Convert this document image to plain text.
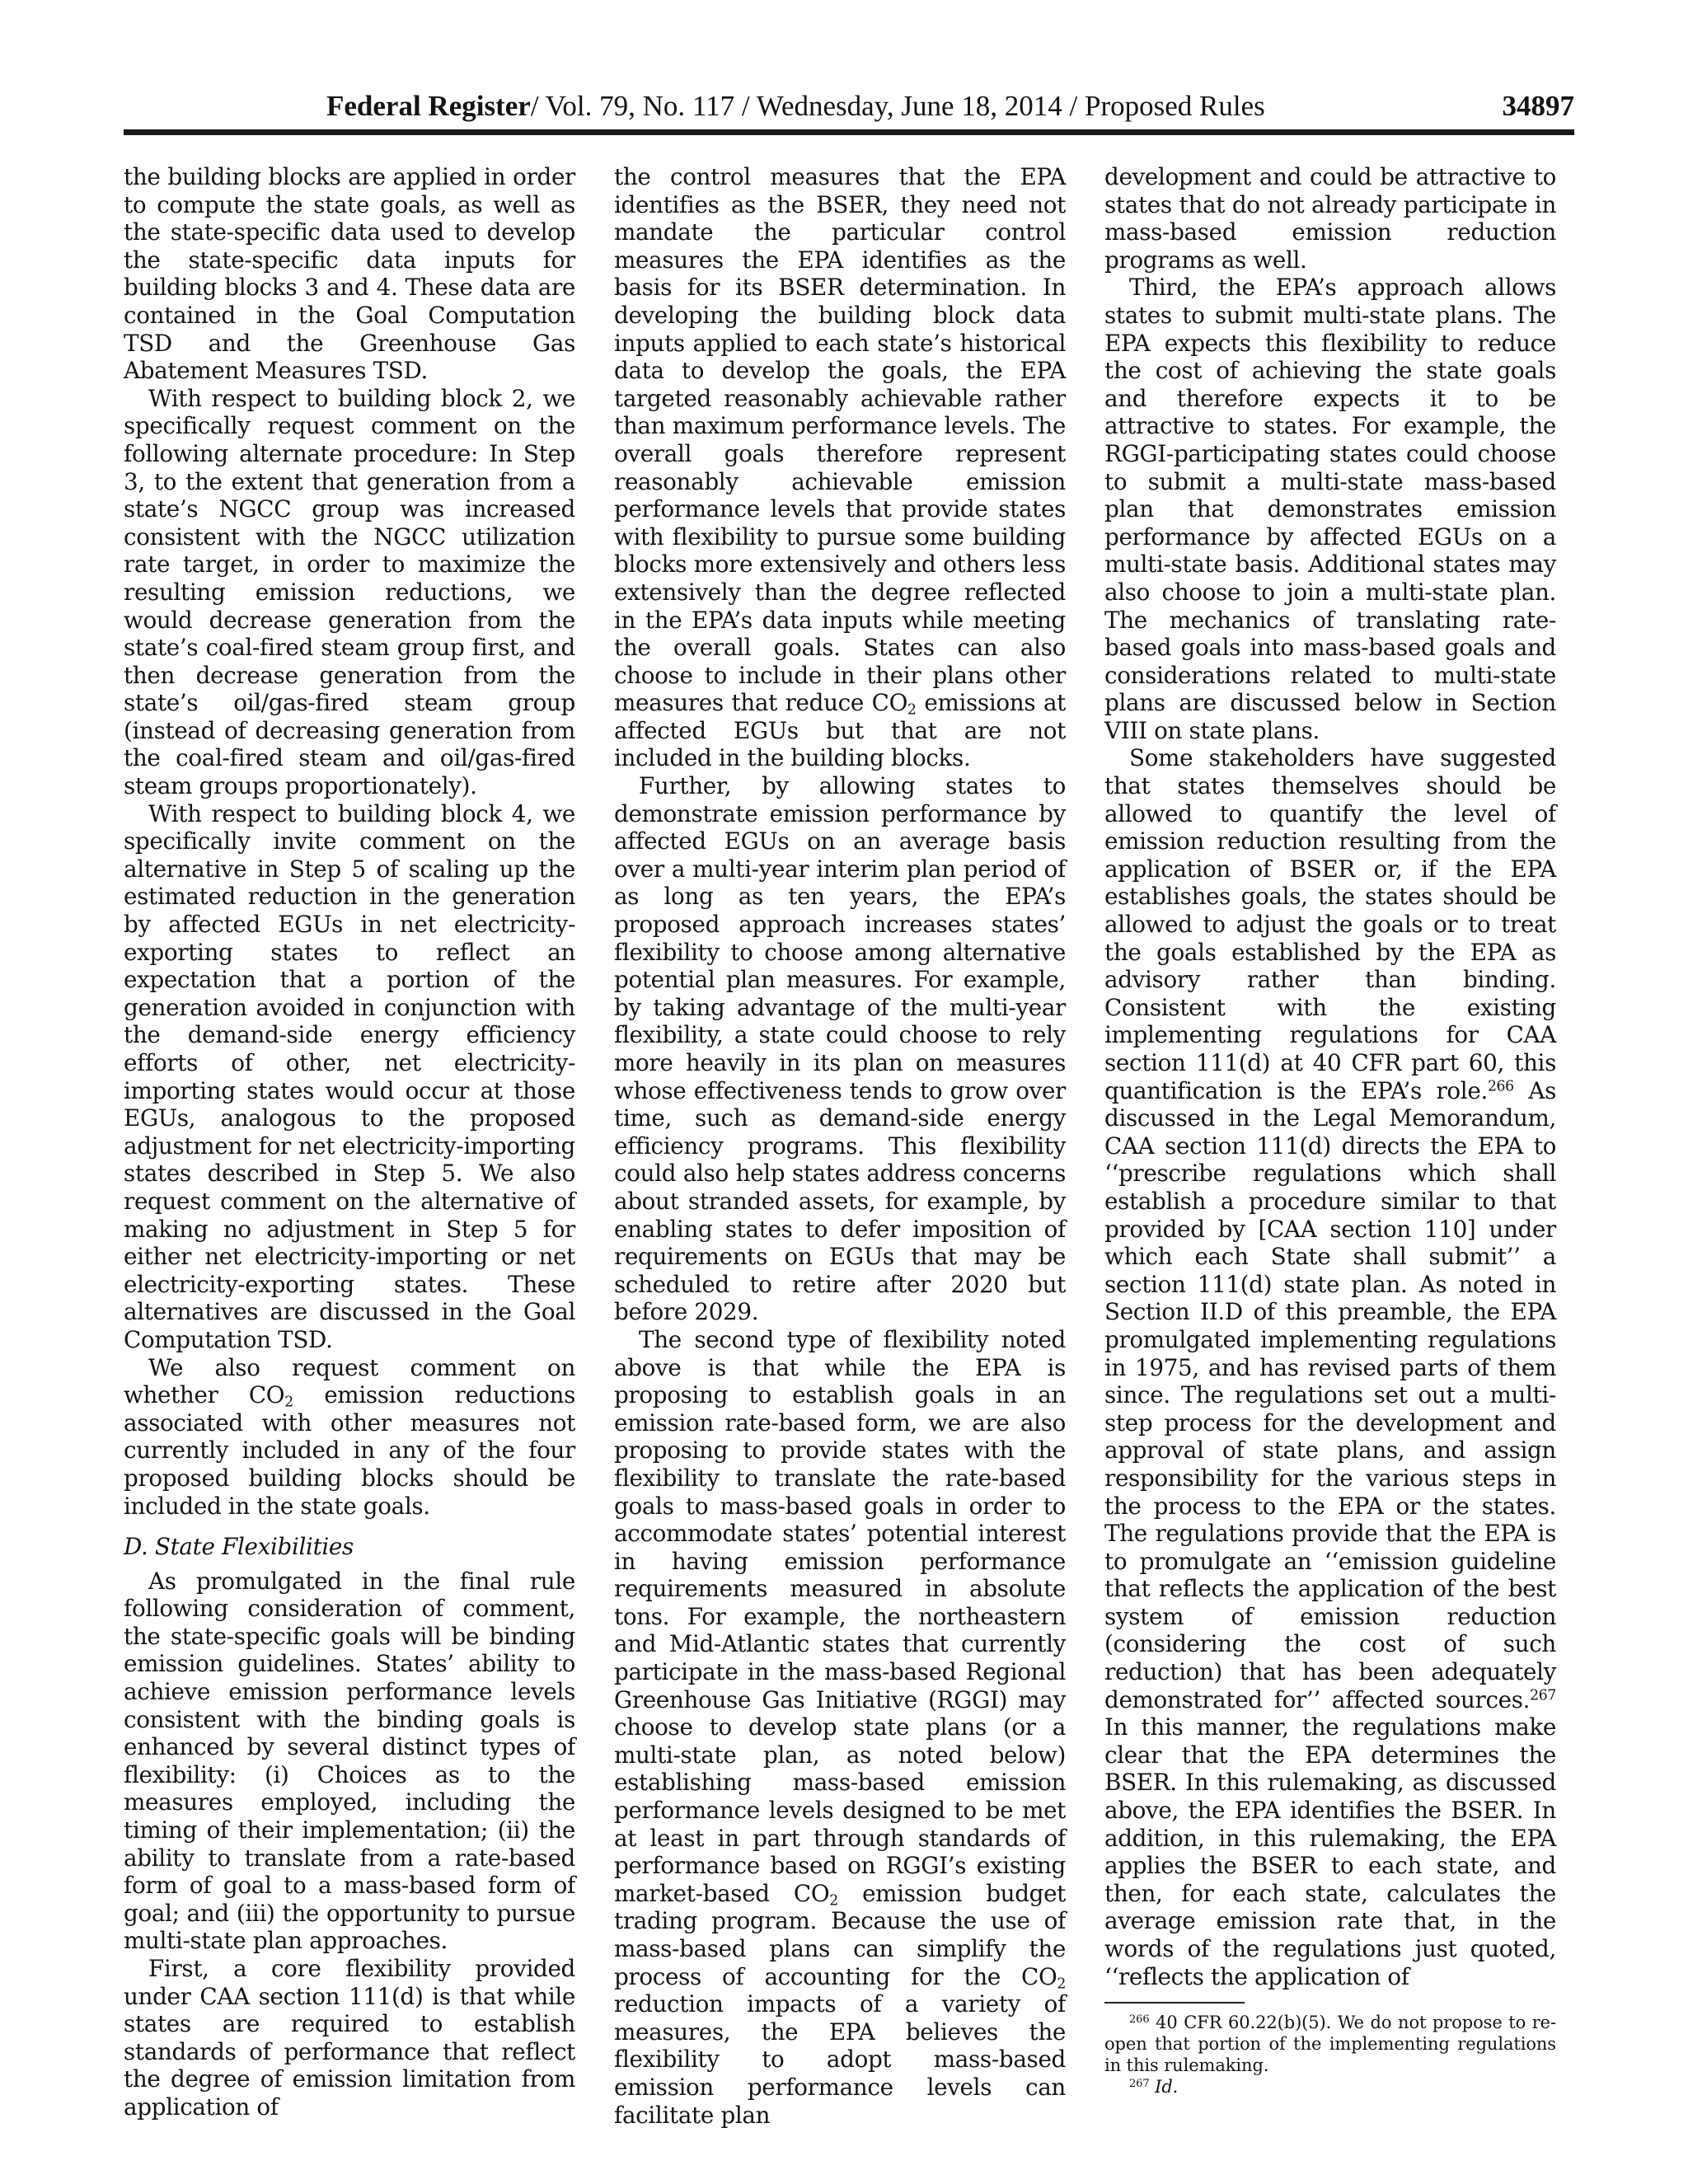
Federal Register/ Vol. 79, No. 117 / Wednesday, June 18, 2014 / Proposed Rules	34897

the building blocks are applied in order to compute the state goals, as well as the state-specific data used to develop the state-specific data inputs for building blocks 3 and 4. These data are contained in the Goal Computation TSD and the Greenhouse Gas Abatement Measures TSD.

With respect to building block 2, we specifically request comment on the following alternate procedure: In Step 3, to the extent that generation from a state’s NGCC group was increased consistent with the NGCC utilization rate target, in order to maximize the resulting emission reductions, we would decrease generation from the state’s coal-fired steam group first, and then decrease generation from the state’s oil/gas-fired steam group (instead of decreasing generation from the coal-fired steam and oil/gas-fired steam groups proportionately).

With respect to building block 4, we specifically invite comment on the alternative in Step 5 of scaling up the estimated reduction in the generation by affected EGUs in net electricity-exporting states to reflect an expectation that a portion of the generation avoided in conjunction with the demand-side energy efficiency efforts of other, net electricity-importing states would occur at those EGUs, analogous to the proposed adjustment for net electricity-importing states described in Step 5. We also request comment on the alternative of making no adjustment in Step 5 for either net electricity-importing or net electricity-exporting states. These alternatives are discussed in the Goal Computation TSD.

We also request comment on whether $CO_2$ emission reductions associated with other measures not currently included in any of the four proposed building blocks should be included in the state goals.

D. State Flexibilities

As promulgated in the final rule following consideration of comment, the state-specific goals will be binding emission guidelines. States’ ability to achieve emission performance levels consistent with the binding goals is enhanced by several distinct types of flexibility: (i) Choices as to the measures employed, including the timing of their implementation; (ii) the ability to translate from a rate-based form of goal to a mass-based form of goal; and (iii) the opportunity to pursue multi-state plan approaches.

First, a core flexibility provided under CAA section 111(d) is that while states are required to establish standards of performance that reflect the degree of emission limitation from application of

the control measures that the EPA identifies as the BSER, they need not mandate the particular control measures the EPA identifies as the basis for its BSER determination. In developing the building block data inputs applied to each state’s historical data to develop the goals, the EPA targeted reasonably achievable rather than maximum performance levels. The overall goals therefore represent reasonably achievable emission performance levels that provide states with flexibility to pursue some building blocks more extensively and others less extensively than the degree reflected in the EPA’s data inputs while meeting the overall goals. States can also choose to include in their plans other measures that reduce $CO_2$ emissions at affected EGUs but that are not included in the building blocks.

Further, by allowing states to demonstrate emission performance by affected EGUs on an average basis over a multi-year interim plan period of as long as ten years, the EPA’s proposed approach increases states’ flexibility to choose among alternative potential plan measures. For example, by taking advantage of the multi-year flexibility, a state could choose to rely more heavily in its plan on measures whose effectiveness tends to grow over time, such as demand-side energy efficiency programs. This flexibility could also help states address concerns about stranded assets, for example, by enabling states to defer imposition of requirements on EGUs that may be scheduled to retire after 2020 but before 2029.

The second type of flexibility noted above is that while the EPA is proposing to establish goals in an emission rate-based form, we are also proposing to provide states with the flexibility to translate the rate-based goals to mass-based goals in order to accommodate states’ potential interest in having emission performance requirements measured in absolute tons. For example, the northeastern and Mid-Atlantic states that currently participate in the mass-based Regional Greenhouse Gas Initiative (RGGI) may choose to develop state plans (or a multi-state plan, as noted below) establishing mass-based emission performance levels designed to be met at least in part through standards of performance based on RGGI’s existing market-based $CO_2$ emission budget trading program. Because the use of mass-based plans can simplify the process of accounting for the $CO_2$ reduction impacts of a variety of measures, the EPA believes the flexibility to adopt mass-based emission performance levels can facilitate plan

development and could be attractive to states that do not already participate in mass-based emission reduction programs as well.

Third, the EPA’s approach allows states to submit multi-state plans. The EPA expects this flexibility to reduce the cost of achieving the state goals and therefore expects it to be attractive to states. For example, the RGGI-participating states could choose to submit a multi-state mass-based plan that demonstrates emission performance by affected EGUs on a multi-state basis. Additional states may also choose to join a multi-state plan. The mechanics of translating rate-based goals into mass-based goals and considerations related to multi-state plans are discussed below in Section VIII on state plans.

Some stakeholders have suggested that states themselves should be allowed to quantify the level of emission reduction resulting from the application of BSER or, if the EPA establishes goals, the states should be allowed to adjust the goals or to treat the goals established by the EPA as advisory rather than binding. Consistent with the existing implementing regulations for CAA section 111(d) at 40 CFR part 60, this quantification is the EPA’s role.$^{266}$ As discussed in the Legal Memorandum, CAA section 111(d) directs the EPA to ‘‘prescribe regulations which shall establish a procedure similar to that provided by [CAA section 110] under which each State shall submit’’ a section 111(d) state plan. As noted in Section II.D of this preamble, the EPA promulgated implementing regulations in 1975, and has revised parts of them since. The regulations set out a multi-step process for the development and approval of state plans, and assign responsibility for the various steps in the process to the EPA or the states. The regulations provide that the EPA is to promulgate an ‘‘emission guideline that reflects the application of the best system of emission reduction (considering the cost of such reduction) that has been adequately demonstrated for’’ affected sources.$^{267}$ In this manner, the regulations make clear that the EPA determines the BSER. In this rulemaking, as discussed above, the EPA identifies the BSER. In addition, in this rulemaking, the EPA applies the BSER to each state, and then, for each state, calculates the average emission rate that, in the words of the regulations just quoted, ‘‘reflects the application of

$^{266}$ 40 CFR 60.22(b)(5). We do not propose to re-open that portion of the implementing regulations in this rulemaking.

$^{267}$ Id.
